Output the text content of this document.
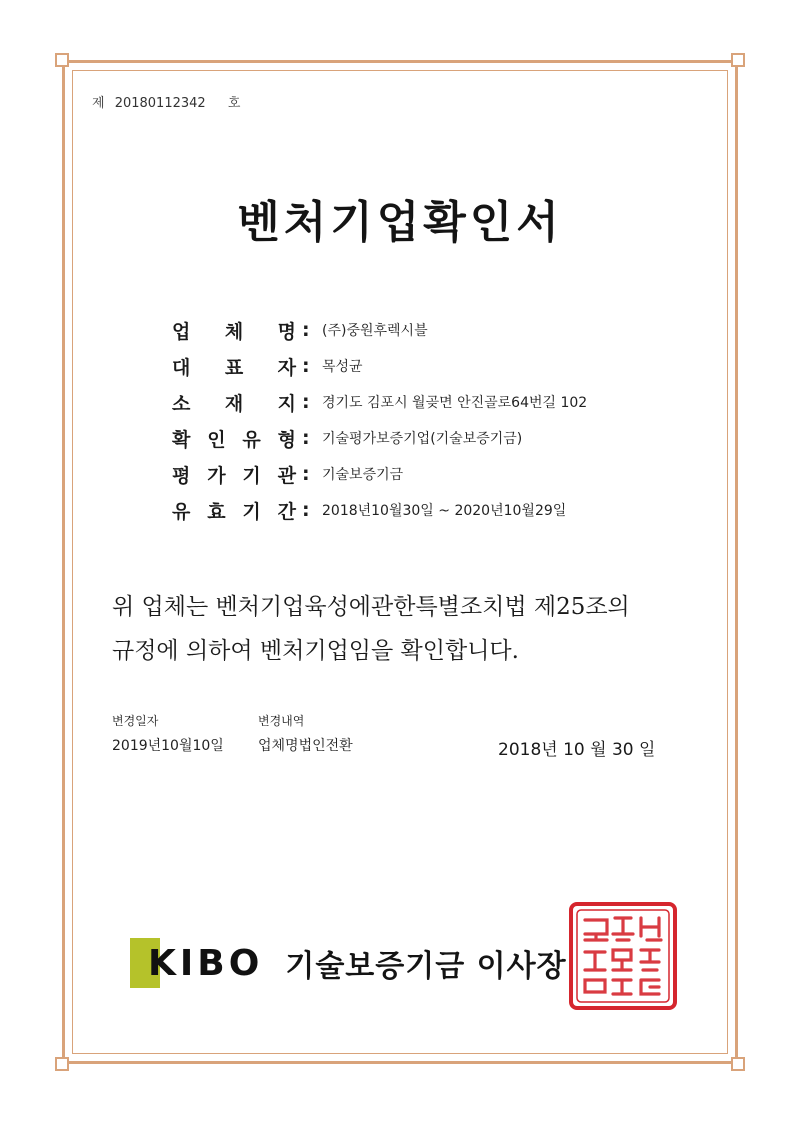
제 20180112342 호
벤처기업확인서
업 체 명 : (주)중원후렉시블
대 표 자 : 목성균
소 재 지 : 경기도 김포시 월곶면 안진골로64번길 102
확 인 유 형 : 기술평가보증기업(기술보증기금)
평 가 기 관 : 기술보증기금
유 효 기 간 : 2018년10월30일 ~ 2020년10월29일
위 업체는 벤처기업육성에관한특별조치법 제25조의
규정에 의하여 벤처기업임을 확인합니다.
변경일자
2019년10월10일
변경내역
업체명법인전환	2018년 10 월 30 일
KIBO 기술보증기금 이사장
